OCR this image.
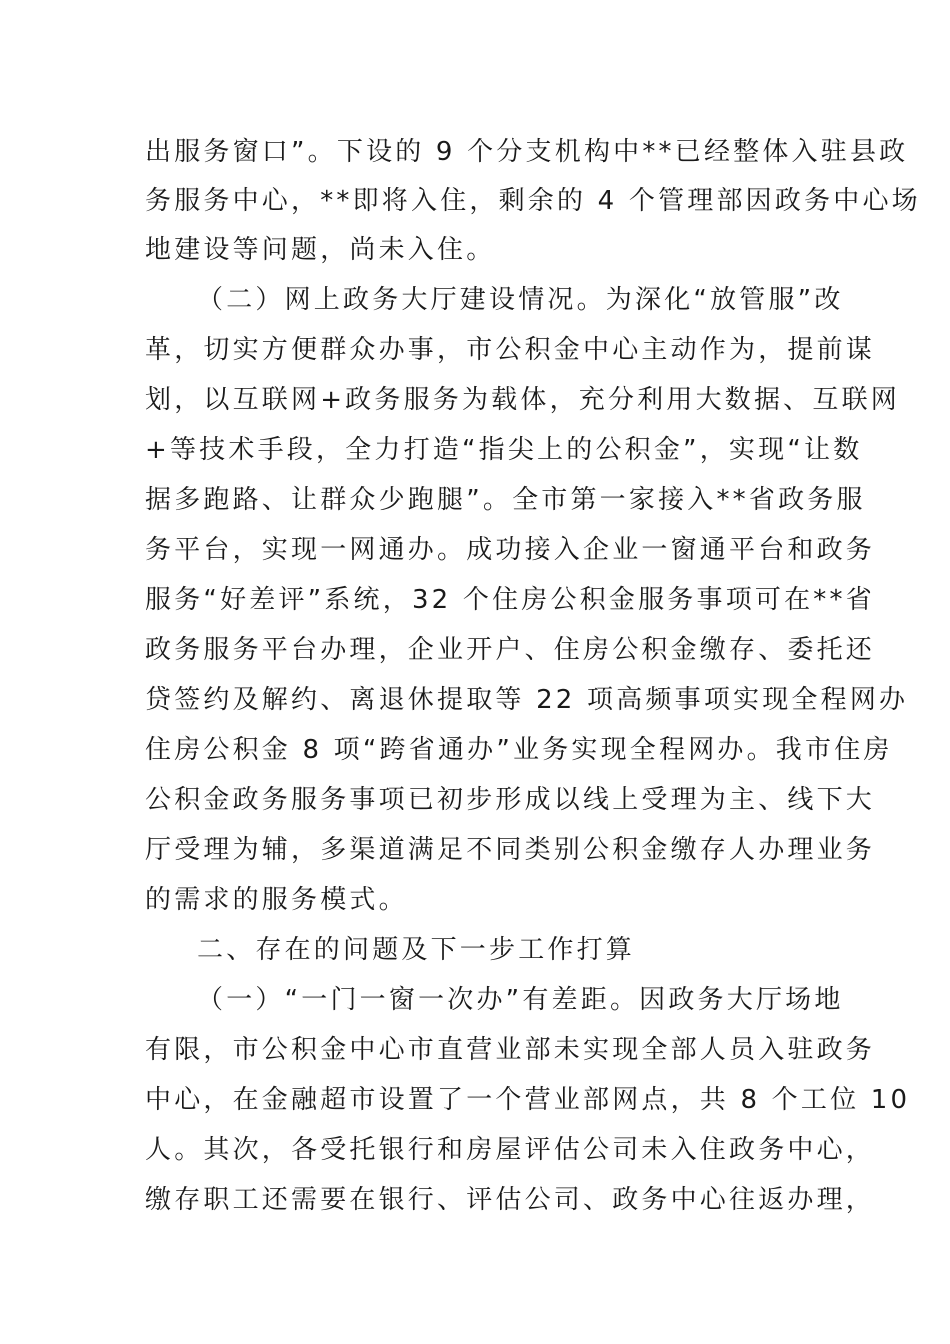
出服务窗口”。下设的 9 个分支机构中**已经整体入驻县政
务服务中心，**即将入住，剩余的 4 个管理部因政务中心场
地建设等问题，尚未入住。
（二）网上政务大厅建设情况。为深化“放管服”改
革，切实方便群众办事，市公积金中心主动作为，提前谋
划，以互联网+政务服务为载体，充分利用大数据、互联网
+等技术手段，全力打造“指尖上的公积金”，实现“让数
据多跑路、让群众少跑腿”。全市第一家接入**省政务服
务平台，实现一网通办。成功接入企业一窗通平台和政务
服务“好差评”系统，32 个住房公积金服务事项可在**省
政务服务平台办理，企业开户、住房公积金缴存、委托还
贷签约及解约、离退休提取等 22 项高频事项实现全程网办
住房公积金 8 项“跨省通办”业务实现全程网办。我市住房
公积金政务服务事项已初步形成以线上受理为主、线下大
厅受理为辅，多渠道满足不同类别公积金缴存人办理业务
的需求的服务模式。
二、存在的问题及下一步工作打算
（一）“一门一窗一次办”有差距。因政务大厅场地
有限，市公积金中心市直营业部未实现全部人员入驻政务
中心，在金融超市设置了一个营业部网点，共 8 个工位 10
人。其次，各受托银行和房屋评估公司未入住政务中心，
缴存职工还需要在银行、评估公司、政务中心往返办理，
